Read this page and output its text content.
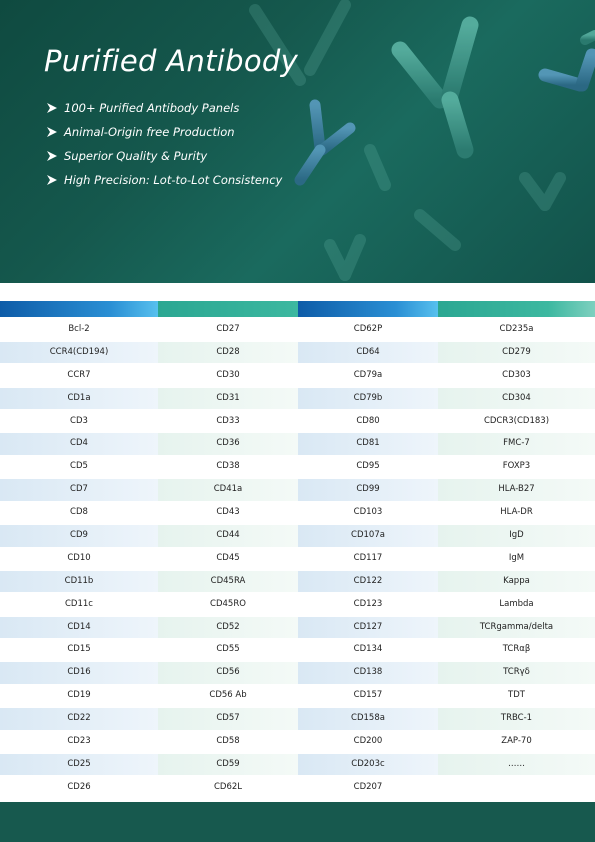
Purified Antibody
100+ Purified Antibody Panels
Animal-Origin free Production
Superior Quality & Purity
High Precision: Lot-to-Lot Consistency
Bcl-2	CD27	CD62P	CD235a
CCR4(CD194)	CD28	CD64	CD279
CCR7	CD30	CD79a	CD303
CD1a	CD31	CD79b	CD304
CD3	CD33	CD80	CDCR3(CD183)
CD4	CD36	CD81	FMC-7
CD5	CD38	CD95	FOXP3
CD7	CD41a	CD99	HLA-B27
CD8	CD43	CD103	HLA-DR
CD9	CD44	CD107a	IgD
CD10	CD45	CD117	IgM
CD11b	CD45RA	CD122	Kappa
CD11c	CD45RO	CD123	Lambda
CD14	CD52	CD127	TCRgamma/delta
CD15	CD55	CD134	TCRαβ
CD16	CD56	CD138	TCRγδ
CD19	CD56 Ab	CD157	TDT
CD22	CD57	CD158a	TRBC-1
CD23	CD58	CD200	ZAP-70
CD25	CD59	CD203c	……
CD26	CD62L	CD207
